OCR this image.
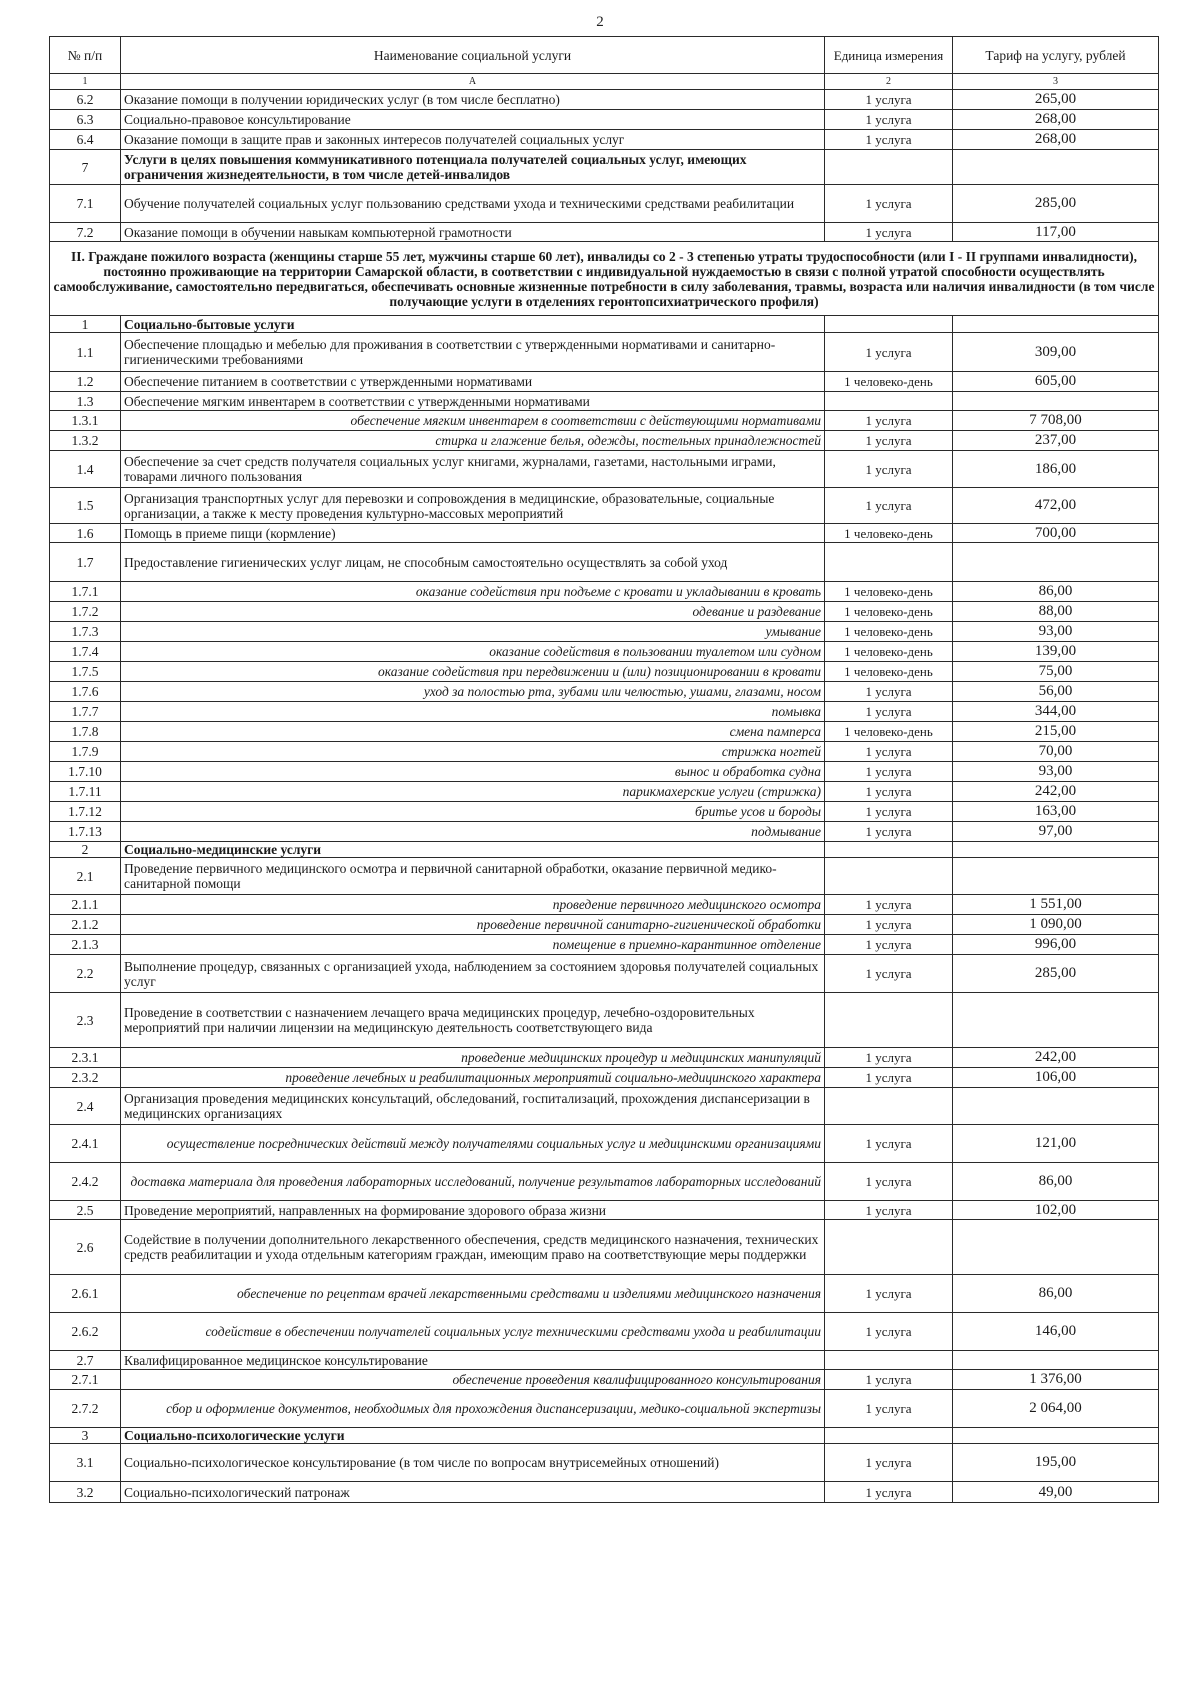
2
№ п/п	Наименование социальной услуги	Единица измерения	Тариф на услугу, рублей
1	А	2	3
6.2	Оказание помощи в получении юридических услуг (в том числе бесплатно)	1 услуга	265,00
6.3	Социально-правовое консультирование	1 услуга	268,00
6.4	Оказание помощи в защите прав и законных интересов получателей социальных услуг	1 услуга	268,00
7	Услуги в целях повышения коммуникативного потенциала получателей социальных услуг, имеющих ограничения жизнедеятельности, в том числе детей-инвалидов		
7.1	Обучение получателей социальных услуг пользованию средствами ухода и техническими средствами реабилитации	1 услуга	285,00
7.2	Оказание помощи в обучении навыкам компьютерной грамотности	1 услуга	117,00
II. Граждане пожилого возраста (женщины старше 55 лет, мужчины старше 60 лет), инвалиды со 2 - 3 степенью утраты трудоспособности (или I - II группами инвалидности), постоянно проживающие на территории Самарской области, в соответствии с индивидуальной нуждаемостью в связи с полной утратой способности осуществлять самообслуживание, самостоятельно передвигаться, обеспечивать основные жизненные потребности в силу заболевания, травмы, возраста или наличия инвалидности (в том числе получающие услуги в отделениях геронтопсихиатрического профиля)			
1	Социально-бытовые услуги		
1.1	Обеспечение площадью и мебелью для проживания в соответствии с утвержденными нормативами и санитарно-гигиеническими требованиями	1 услуга	309,00
1.2	Обеспечение питанием в соответствии с утвержденными нормативами	1 человеко-день	605,00
1.3	Обеспечение мягким инвентарем в соответствии с утвержденными нормативами		
1.3.1	обеспечение мягким инвентарем в соответствии с действующими нормативами	1 услуга	7 708,00
1.3.2	стирка и глажение белья, одежды, постельных принадлежностей	1 услуга	237,00
1.4	Обеспечение за счет средств получателя социальных услуг книгами, журналами, газетами, настольными играми, товарами личного пользования	1 услуга	186,00
1.5	Организация транспортных услуг для перевозки и сопровождения в медицинские, образовательные, социальные организации, а также к месту проведения культурно-массовых мероприятий	1 услуга	472,00
1.6	Помощь в приеме пищи (кормление)	1 человеко-день	700,00
1.7	Предоставление гигиенических услуг лицам, не способным самостоятельно осуществлять за собой уход		
1.7.1	оказание содействия при подъеме с кровати и укладывании в кровать	1 человеко-день	86,00
1.7.2	одевание и раздевание	1 человеко-день	88,00
1.7.3	умывание	1 человеко-день	93,00
1.7.4	оказание содействия в пользовании туалетом или судном	1 человеко-день	139,00
1.7.5	оказание содействия при передвижении и (или) позиционировании в кровати	1 человеко-день	75,00
1.7.6	уход за полостью рта, зубами или челюстью, ушами, глазами, носом	1 услуга	56,00
1.7.7	помывка	1 услуга	344,00
1.7.8	смена памперса	1 человеко-день	215,00
1.7.9	стрижка ногтей	1 услуга	70,00
1.7.10	вынос и обработка судна	1 услуга	93,00
1.7.11	парикмахерские услуги (стрижка)	1 услуга	242,00
1.7.12	бритье усов и бороды	1 услуга	163,00
1.7.13	подмывание	1 услуга	97,00
2	Социально-медицинские услуги		
2.1	Проведение первичного медицинского осмотра и первичной санитарной обработки, оказание первичной медико-санитарной помощи		
2.1.1	проведение первичного медицинского осмотра	1 услуга	1 551,00
2.1.2	проведение первичной санитарно-гигиенической обработки	1 услуга	1 090,00
2.1.3	помещение в приемно-карантинное отделение	1 услуга	996,00
2.2	Выполнение процедур, связанных с организацией ухода, наблюдением за состоянием здоровья получателей социальных услуг	1 услуга	285,00
2.3	Проведение в соответствии с назначением лечащего врача медицинских процедур, лечебно-оздоровительных мероприятий при наличии лицензии на медицинскую деятельность соответствующего вида		
2.3.1	проведение медицинских процедур и медицинских манипуляций	1 услуга	242,00
2.3.2	проведение лечебных и реабилитационных мероприятий социально-медицинского характера	1 услуга	106,00
2.4	Организация проведения медицинских консультаций, обследований, госпитализаций, прохождения диспансеризации в медицинских организациях		
2.4.1	осуществление посреднических действий между получателями социальных услуг и медицинскими организациями	1 услуга	121,00
2.4.2	доставка материала для проведения лабораторных исследований, получение результатов лабораторных исследований	1 услуга	86,00
2.5	Проведение мероприятий, направленных на формирование здорового образа жизни	1 услуга	102,00
2.6	Содействие в получении дополнительного лекарственного обеспечения, средств медицинского назначения, технических средств реабилитации и ухода отдельным категориям граждан, имеющим право на соответствующие меры поддержки		
2.6.1	обеспечение по рецептам врачей лекарственными средствами и изделиями медицинского назначения	1 услуга	86,00
2.6.2	содействие в обеспечении получателей социальных услуг техническими средствами ухода и реабилитации	1 услуга	146,00
2.7	Квалифицированное медицинское консультирование		
2.7.1	обеспечение проведения квалифицированного консультирования	1 услуга	1 376,00
2.7.2	сбор и оформление документов, необходимых для прохождения диспансеризации, медико-социальной экспертизы	1 услуга	2 064,00
3	Социально-психологические услуги		
3.1	Социально-психологическое консультирование (в том числе по вопросам внутрисемейных отношений)	1 услуга	195,00
3.2	Социально-психологический патронаж	1 услуга	49,00
